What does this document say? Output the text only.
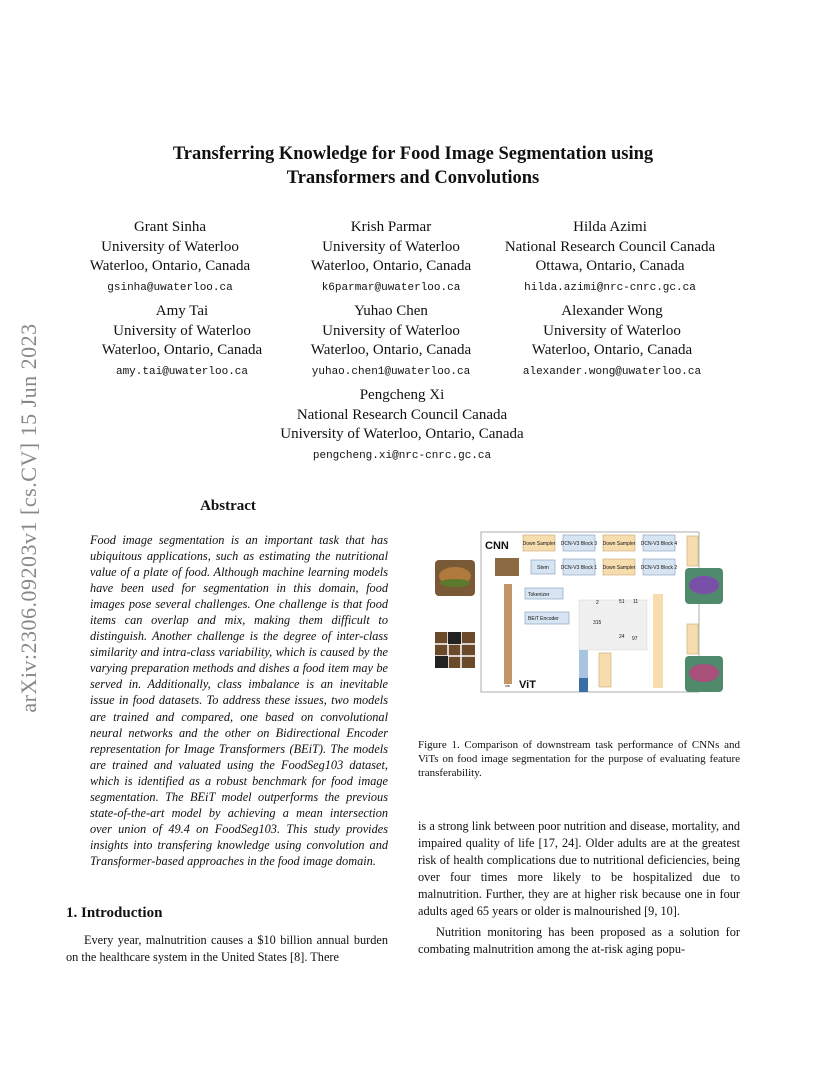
arXiv:2306.09203v1 [cs.CV] 15 Jun 2023
Transferring Knowledge for Food Image Segmentation using
Transformers and Convolutions
Grant Sinha
University of Waterloo
Waterloo, Ontario, Canada
gsinha@uwaterloo.ca
Krish Parmar
University of Waterloo
Waterloo, Ontario, Canada
k6parmar@uwaterloo.ca
Hilda Azimi
National Research Council Canada
Ottawa, Ontario, Canada
hilda.azimi@nrc-cnrc.gc.ca
Amy Tai
University of Waterloo
Waterloo, Ontario, Canada
amy.tai@uwaterloo.ca
Yuhao Chen
University of Waterloo
Waterloo, Ontario, Canada
yuhao.chen1@uwaterloo.ca
Alexander Wong
University of Waterloo
Waterloo, Ontario, Canada
alexander.wong@uwaterloo.ca
Pengcheng Xi
National Research Council Canada
University of Waterloo, Ontario, Canada
pengcheng.xi@nrc-cnrc.gc.ca
Abstract
Food image segmentation is an important task that has ubiquitous applications, such as estimating the nutritional value of a plate of food. Although machine learning models have been used for segmentation in this domain, food images pose several challenges. One challenge is that food items can overlap and mix, making them difficult to distinguish. Another challenge is the degree of inter-class similarity and intra-class variability, which is caused by the varying preparation methods and dishes a food item may be served in. Additionally, class imbalance is an inevitable issue in food datasets. To address these issues, two models are trained and compared, one based on convolutional neural networks and the other on Bidirectional Encoder representation for Image Transformers (BEiT). The models are trained and valuated using the FoodSeg103 dataset, which is identified as a robust benchmark for food image segmentation. The BEiT model outperforms the previous state-of-the-art model by achieving a mean intersection over union of 49.4 on FoodSeg103. This study provides insights into transfering knowledge using convolution and Transformer-based approaches in the food image domain.
1. Introduction

Every year, malnutrition causes a $10 billion annual burden on the healthcare system in the United States [8]. There

CNN	Down Sampler DCN-V3 Block 3 Down Sampler DCN-V3 Block 4
Stem DCN-V3 Block 1 Down Sampler DCN-V3 Block 2
Tokenizer
BEiT Encoder
2	51 11
315
24 97
ViT
cls
Figure 1. Comparison of downstream task performance of CNNs and ViTs on food image segmentation for the purpose of evaluating feature transferability.

is a strong link between poor nutrition and disease, mortality, and impaired quality of life [17, 24]. Older adults are at the greatest risk of health complications due to nutritional deficiencies, being over four times more likely to be hospitalized due to malnutrition. Further, they are at higher risk because one in four adults aged 65 years or older is malnourished [9, 10].

Nutrition monitoring has been proposed as a solution for combating malnutrition among the at-risk aging popu-
